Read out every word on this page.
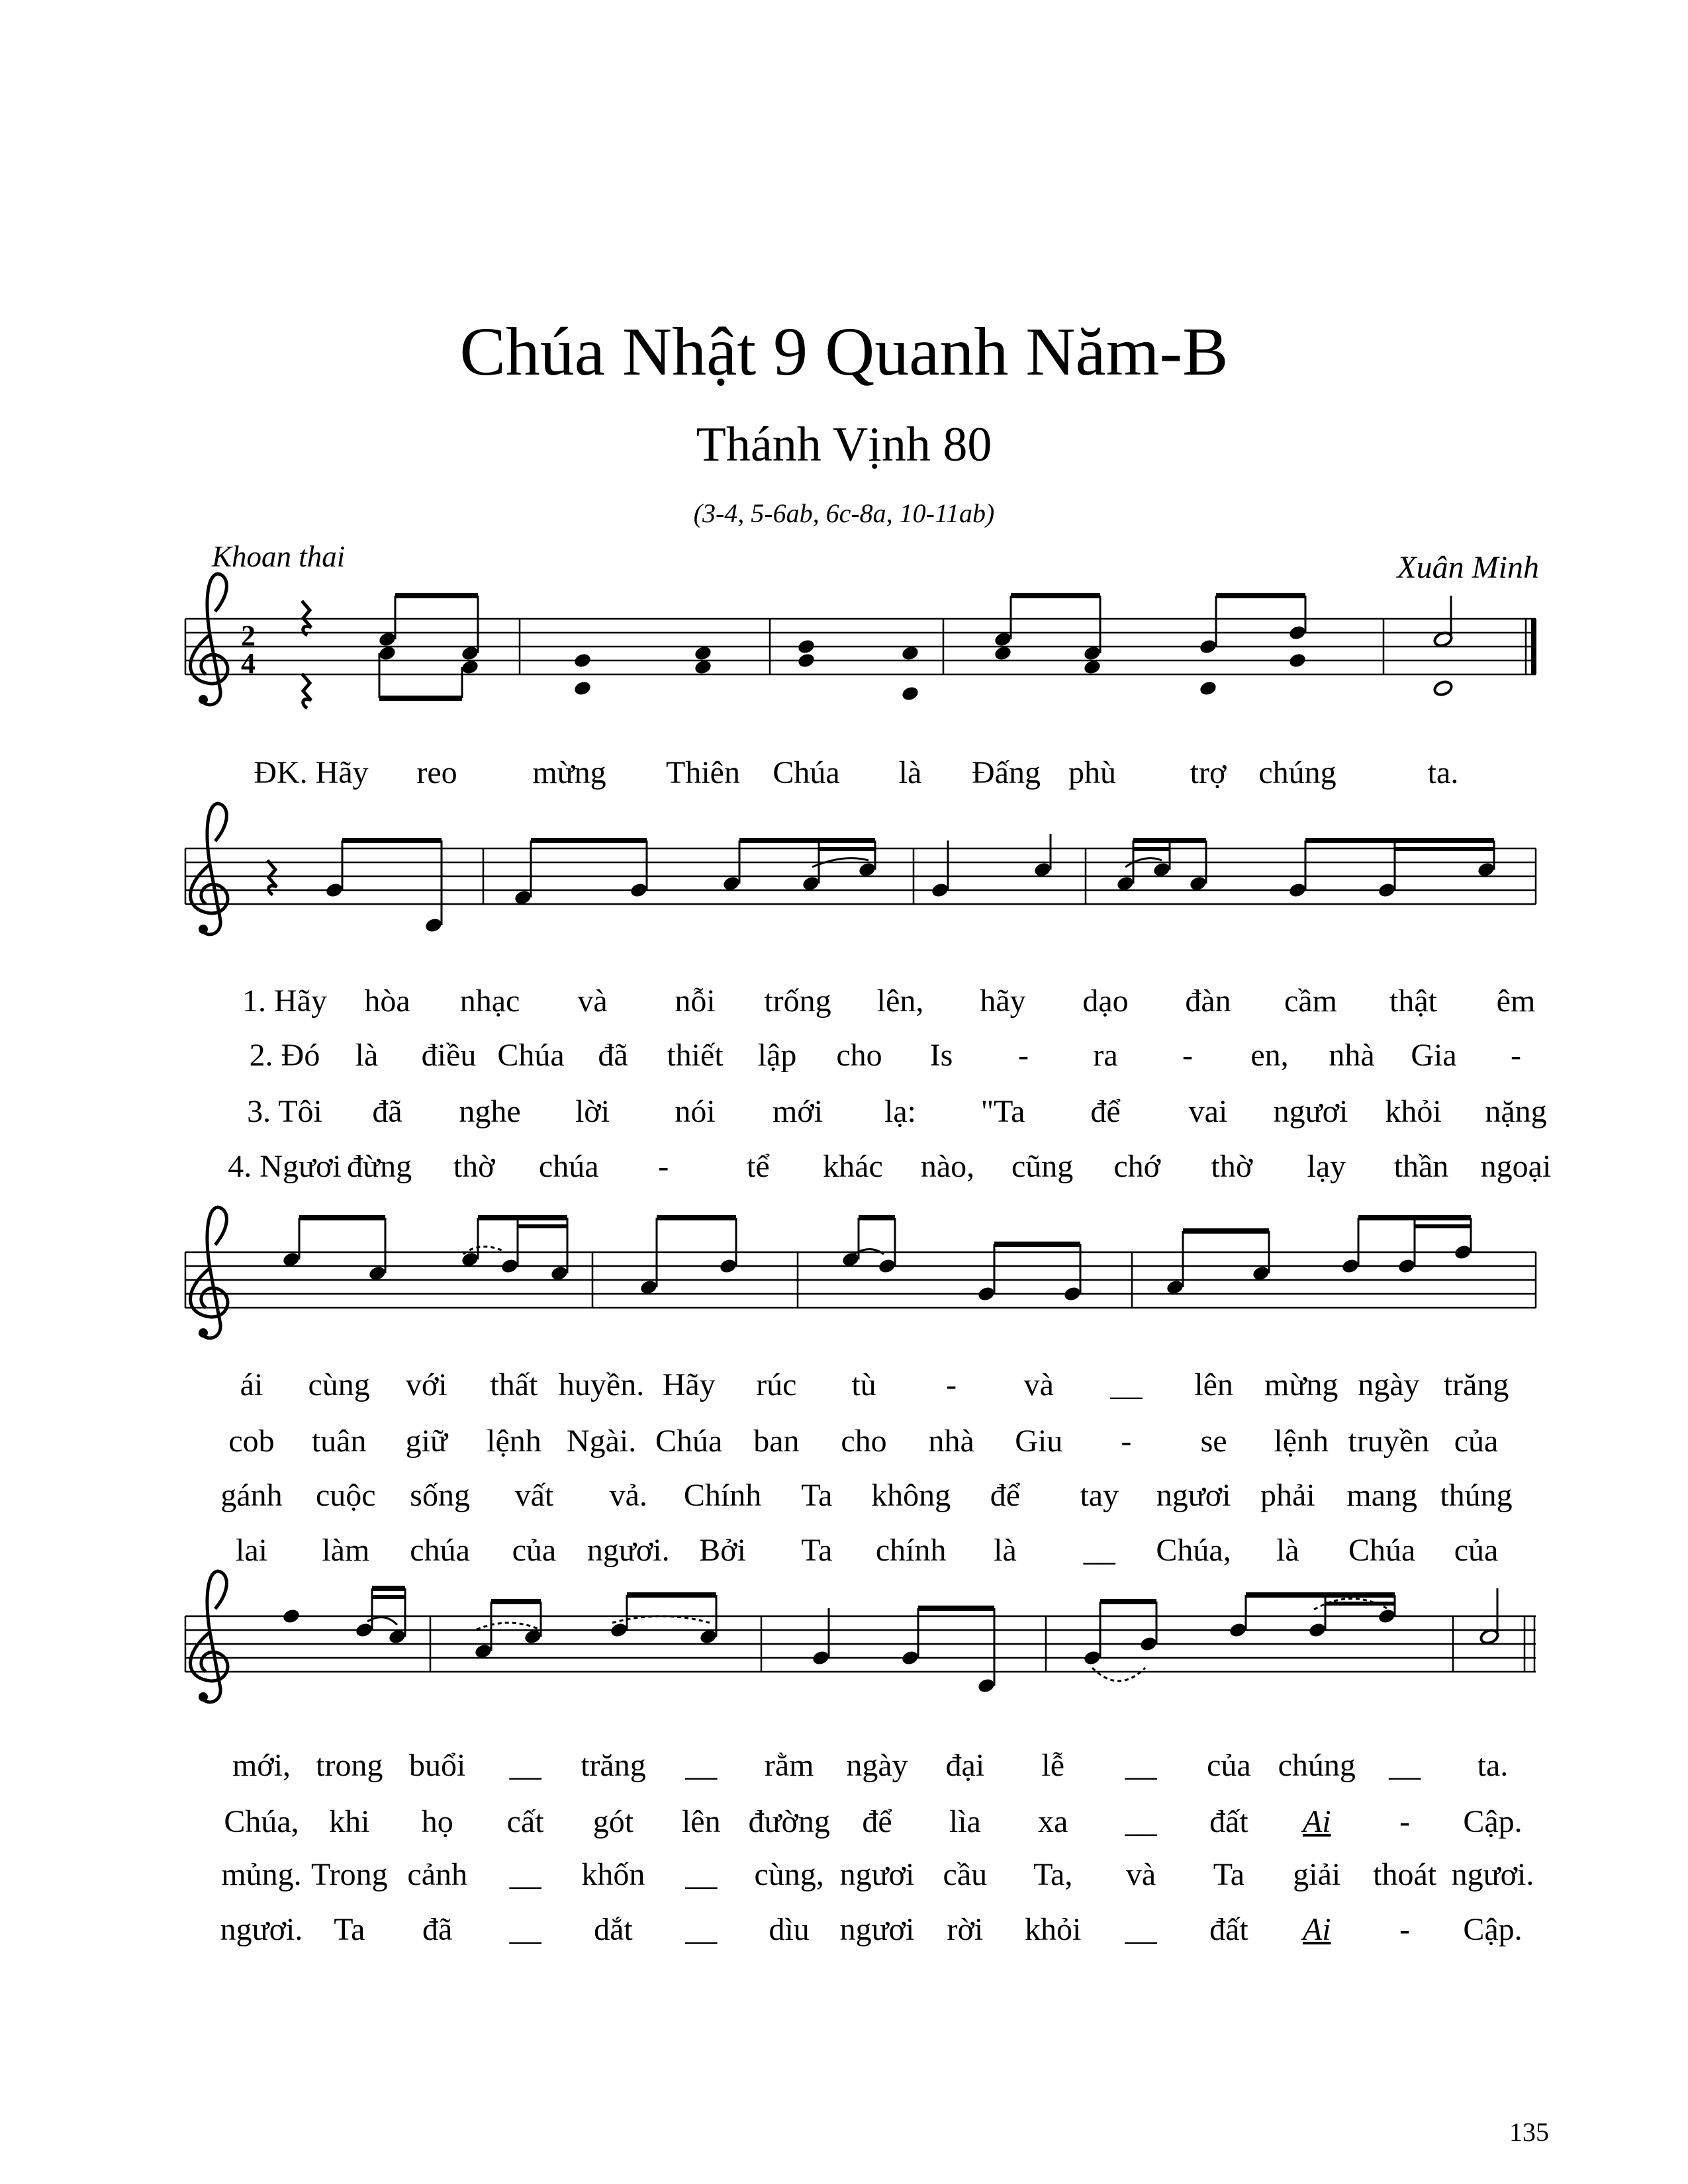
Chúa Nhật 9 Quanh Năm-B
Thánh Vịnh 80
(3-4, 5-6ab, 6c-8a, 10-11ab)
Khoan thai	Xuân Minh
2
4
ĐK. Hãy reo mừng Thiên Chúa là Đấng phù trợ chúng	ta.
1. Hãy hòa nhạc và nỗi trống lên, hãy dạo đàn cầm thật êm
2. Đó là điều Chúa đã thiết lập cho Is - ra - en, nhà Gia -
3. Tôi đã nghe lời nói mới lạ: "Ta để vai ngươi khỏi nặng
4. Ngươi đừng thờ chúa - tể khác nào, cũng chớ thờ lạy thần ngoại
ái cùng với thất huyền. Hãy rúc tù - và __ lên mừng ngày trăng
cob tuân giữ lệnh Ngài. Chúa ban cho nhà Giu - se lệnh truyền của
gánh cuộc sống vất vả. Chính Ta không để tay ngươi phải mang thúng
lai làm chúa của ngươi. Bởi Ta chính là __ Chúa, là Chúa của
mới, trong buổi __ trăng __ rằm ngày đại lễ __ của chúng __ ta.
Chúa, khi họ cất gót lên đường để lìa xa __ đất Ai - Cập.
mủng. Trong cảnh __ khốn __ cùng, ngươi cầu Ta, và Ta giải thoát ngươi.
ngươi. Ta đã __ dắt __ dìu ngươi rời khỏi __ đất Ai - Cập.
135
